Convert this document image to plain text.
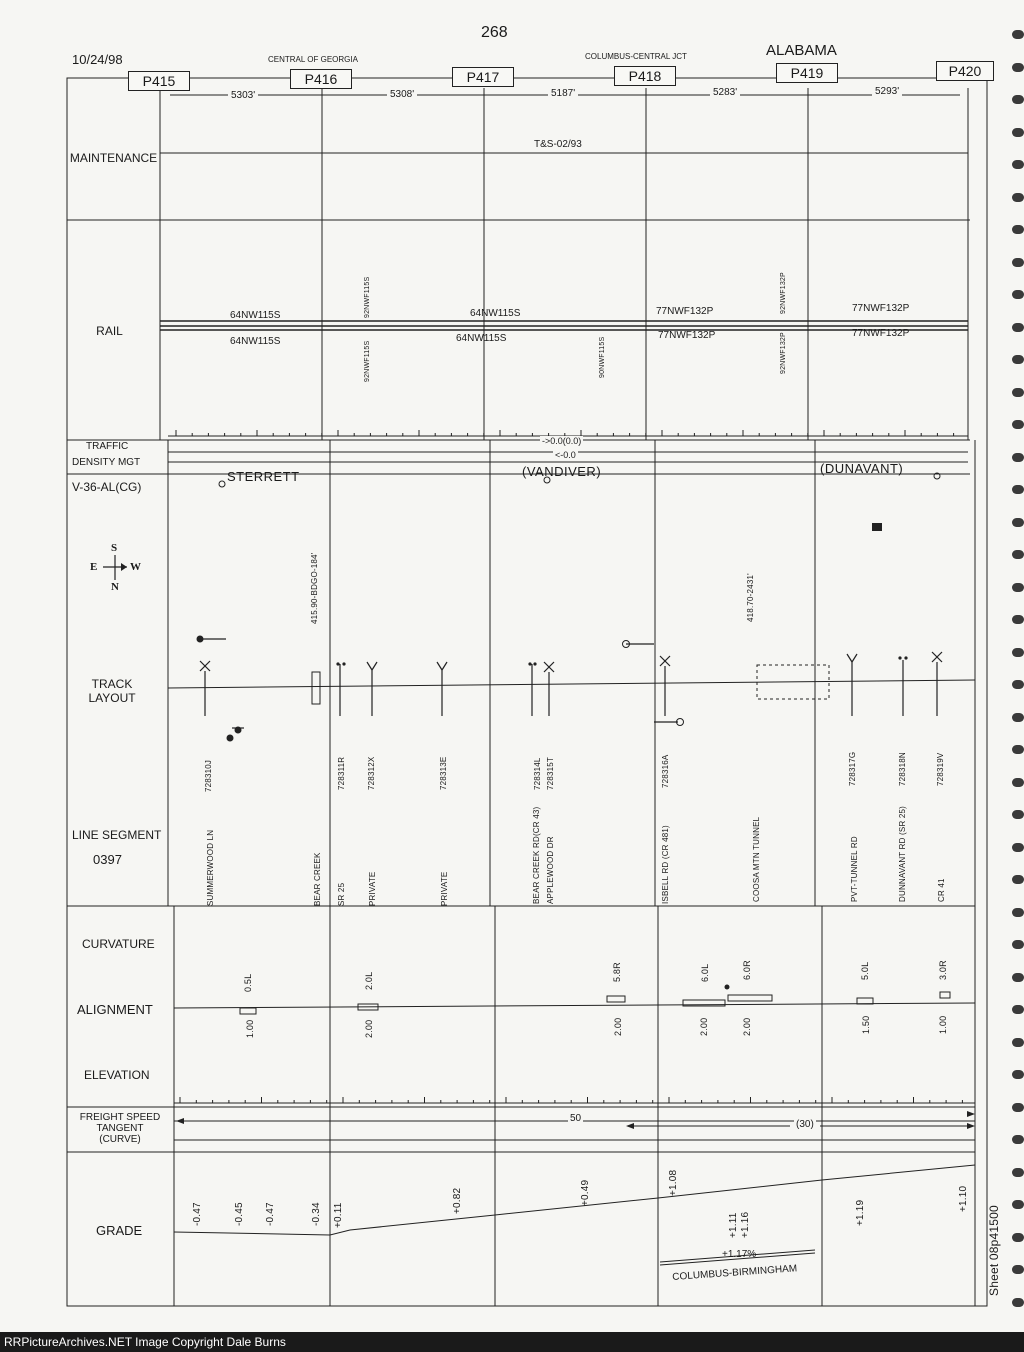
268
10/24/98
ALABAMA
CENTRAL OF GEORGIA	COLUMBUS-CENTRAL JCT
P415	P416	P417	P418	P419	P420
5303'	5308'	5187'	5283'	5293'
MAINTENANCE
RAIL
TRAFFIC
DENSITY MGT
V-36-AL(CG)
TRACK
LAYOUT
LINE SEGMENT
0397
CURVATURE
ALIGNMENT
ELEVATION
FREIGHT SPEED
TANGENT
(CURVE)
GRADE
T&S-02/93
64NW115S
64NW115S
64NW115S
64NW115S
77NWF132P
77NWF132P
77NWF132P
77NWF132P
92NWF115S
92NWF115S	90NWF115S
92NWF132P
92NWF132P
->0.0(0.0)
<-0.0
STERRETT	(VANDIVER)	(DUNAVANT)
S
N
E	W	415.90-BDGO-184'	418.70-2431'
728310J	728311R	728312X	728313E	728314L 728315T	728316A	728317G	728318N	728319V
SUMMERWOOD LN	BEAR CREEK SR 25	PRIVATE	PRIVATE	BEAR CREEK RD(CR 43) APPLEWOOD DR	ISBELL RD (CR 481)	COOSA MTN TUNNEL	PVT-TUNNEL RD	DUNNAVANT RD (SR 25)	CR 41
0.5L	2.0L	5.8R	6.0L	6.0R	5.0L	3.0R
1.00	2.00	2.00	2.00	2.00	1.50	1.00
50
(30)
-0.47	-0.45 -0.47	-0.34 +0.11
+0.82	+0.49	+1.08
+1.11 +1.16	+1.19
+1.10
+1.17%
COLUMBUS-BIRMINGHAM	Sheet 08p41500
RRPictureArchives.NET Image Copyright Dale Burns
